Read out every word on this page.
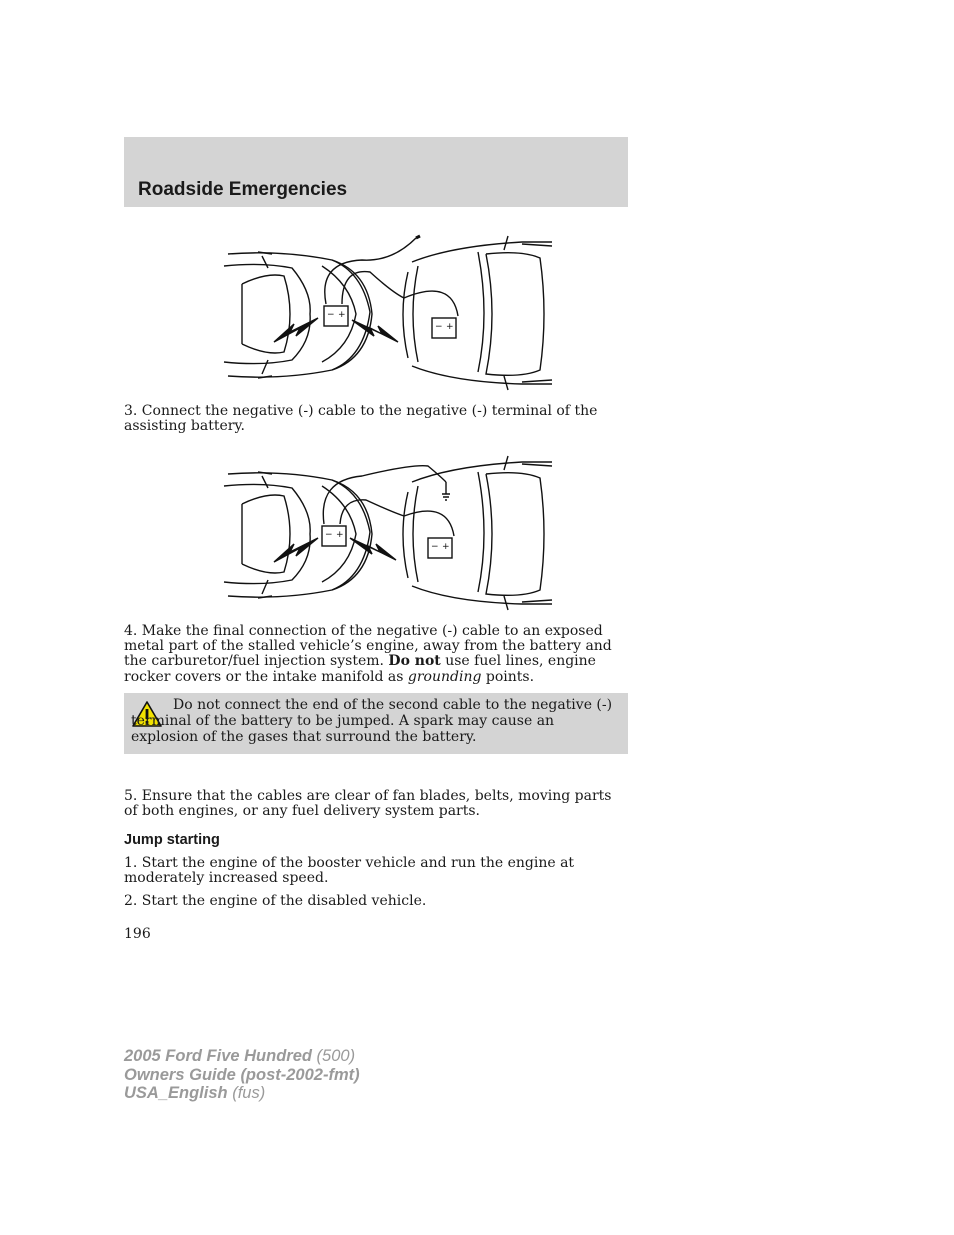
Roadside Emergencies
− +
− +

3. Connect the negative (-) cable to the negative (-) terminal of the assisting battery.

− +
− +

4. Make the final connection of the negative (-) cable to an exposed metal part of the stalled vehicle’s engine, away from the battery and the carburetor/fuel injection system. Do not use fuel lines, engine rocker covers or the intake manifold as grounding points.

Do not connect the end of the second cable to the negative (-) terminal of the battery to be jumped. A spark may cause an explosion of the gases that surround the battery.

5. Ensure that the cables are clear of fan blades, belts, moving parts of both engines, or any fuel delivery system parts.

Jump starting

1. Start the engine of the booster vehicle and run the engine at moderately increased speed.

2. Start the engine of the disabled vehicle.

196

2005 Ford Five Hundred (500)
Owners Guide (post-2002-fmt)
USA_English (fus)
